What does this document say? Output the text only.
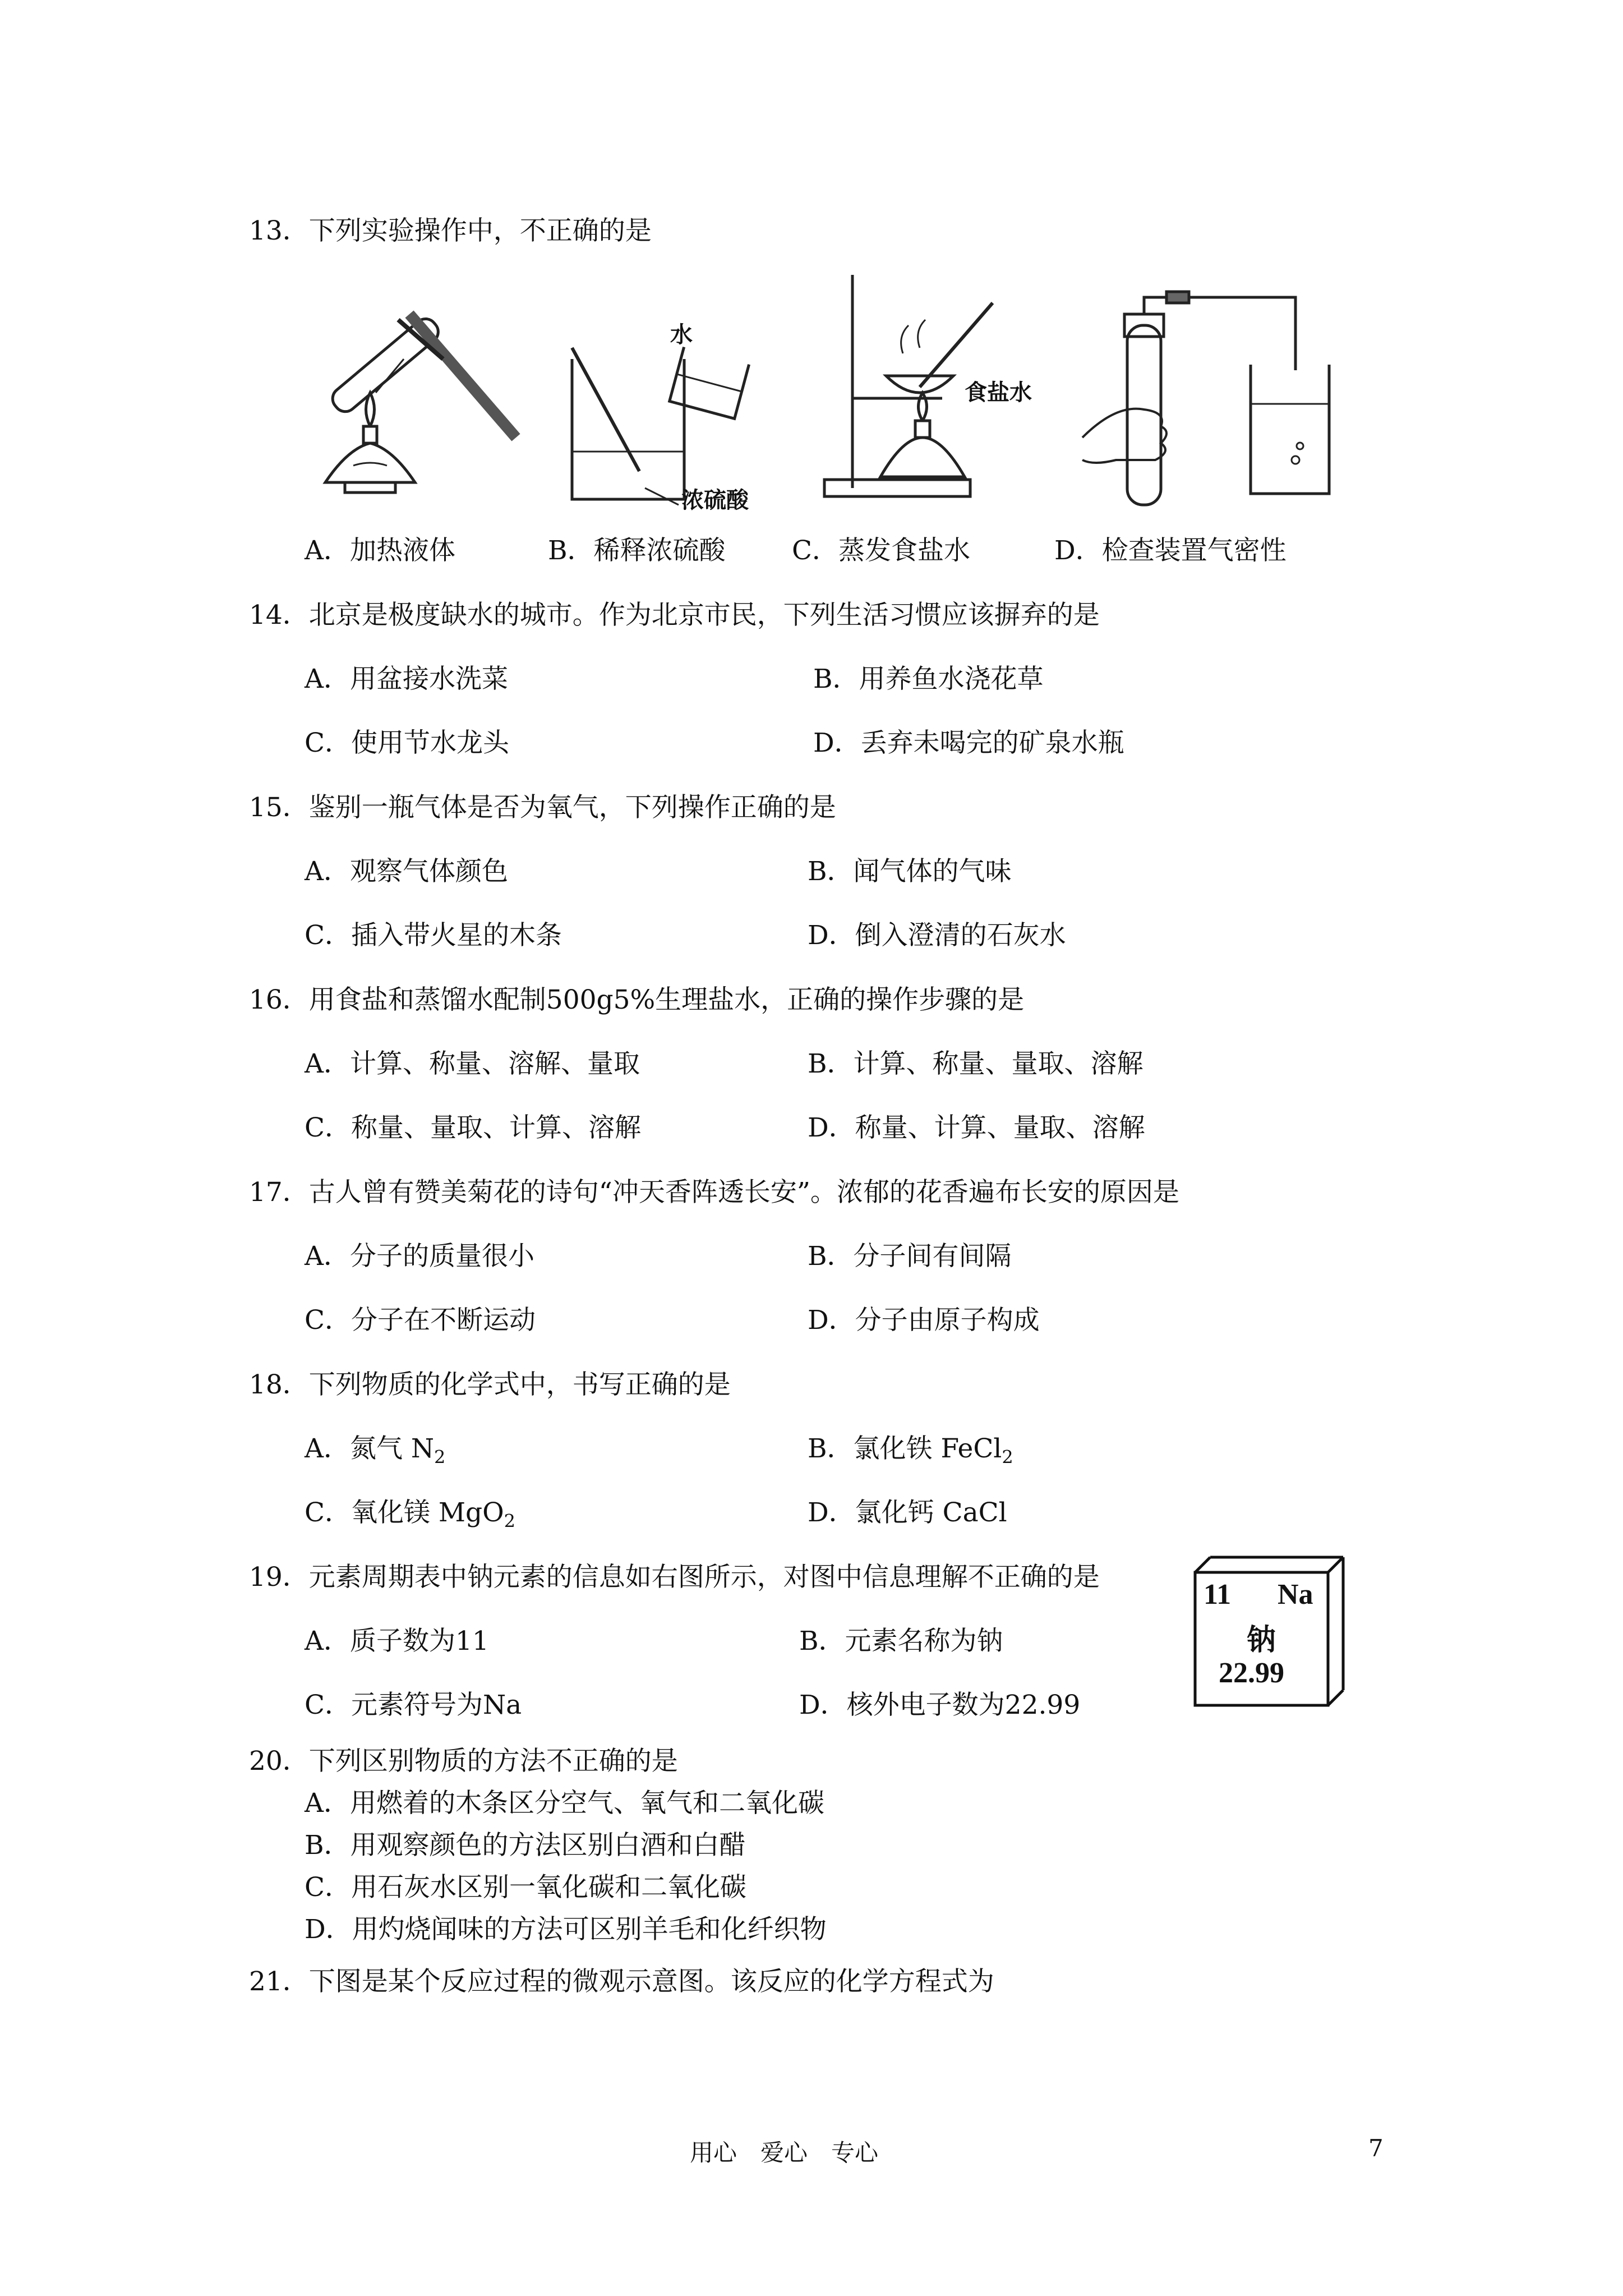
13．下列实验操作中，不正确的是
水
浓硫酸
食盐水
A．加热液体	B．稀释浓硫酸	C．蒸发食盐水	D．检查装置气密性
14．北京是极度缺水的城市。作为北京市民，下列生活习惯应该摒弃的是
A．用盆接水洗菜	B．用养鱼水浇花草
C．使用节水龙头	D．丢弃未喝完的矿泉水瓶
15．鉴别一瓶气体是否为氧气，下列操作正确的是
A．观察气体颜色	B．闻气体的气味
C．插入带火星的木条	D．倒入澄清的石灰水
16．用食盐和蒸馏水配制500g5%生理盐水，正确的操作步骤的是
A．计算、称量、溶解、量取	B．计算、称量、量取、溶解
C．称量、量取、计算、溶解	D．称量、计算、量取、溶解
17．古人曾有赞美菊花的诗句“冲天香阵透长安”。浓郁的花香遍布长安的原因是
A．分子的质量很小	B．分子间有间隔
C．分子在不断运动	D．分子由原子构成
18．下列物质的化学式中，书写正确的是
A．氮气 $N_2$	B．氯化铁 FeCl$_2$
C．氧化镁 MgO$_2$	D．氯化钙 CaCl
19．元素周期表中钠元素的信息如右图所示，对图中信息理解不正确的是
A．质子数为11	B．元素名称为钠
C．元素符号为Na	D．核外电子数为22.99
11 Na
钠
22.99
20．下列区别物质的方法不正确的是
A．用燃着的木条区分空气、氧气和二氧化碳
B．用观察颜色的方法区别白酒和白醋
C．用石灰水区别一氧化碳和二氧化碳
D．用灼烧闻味的方法可区别羊毛和化纤织物
21．下图是某个反应过程的微观示意图。该反应的化学方程式为
用心　爱心　专心	7
